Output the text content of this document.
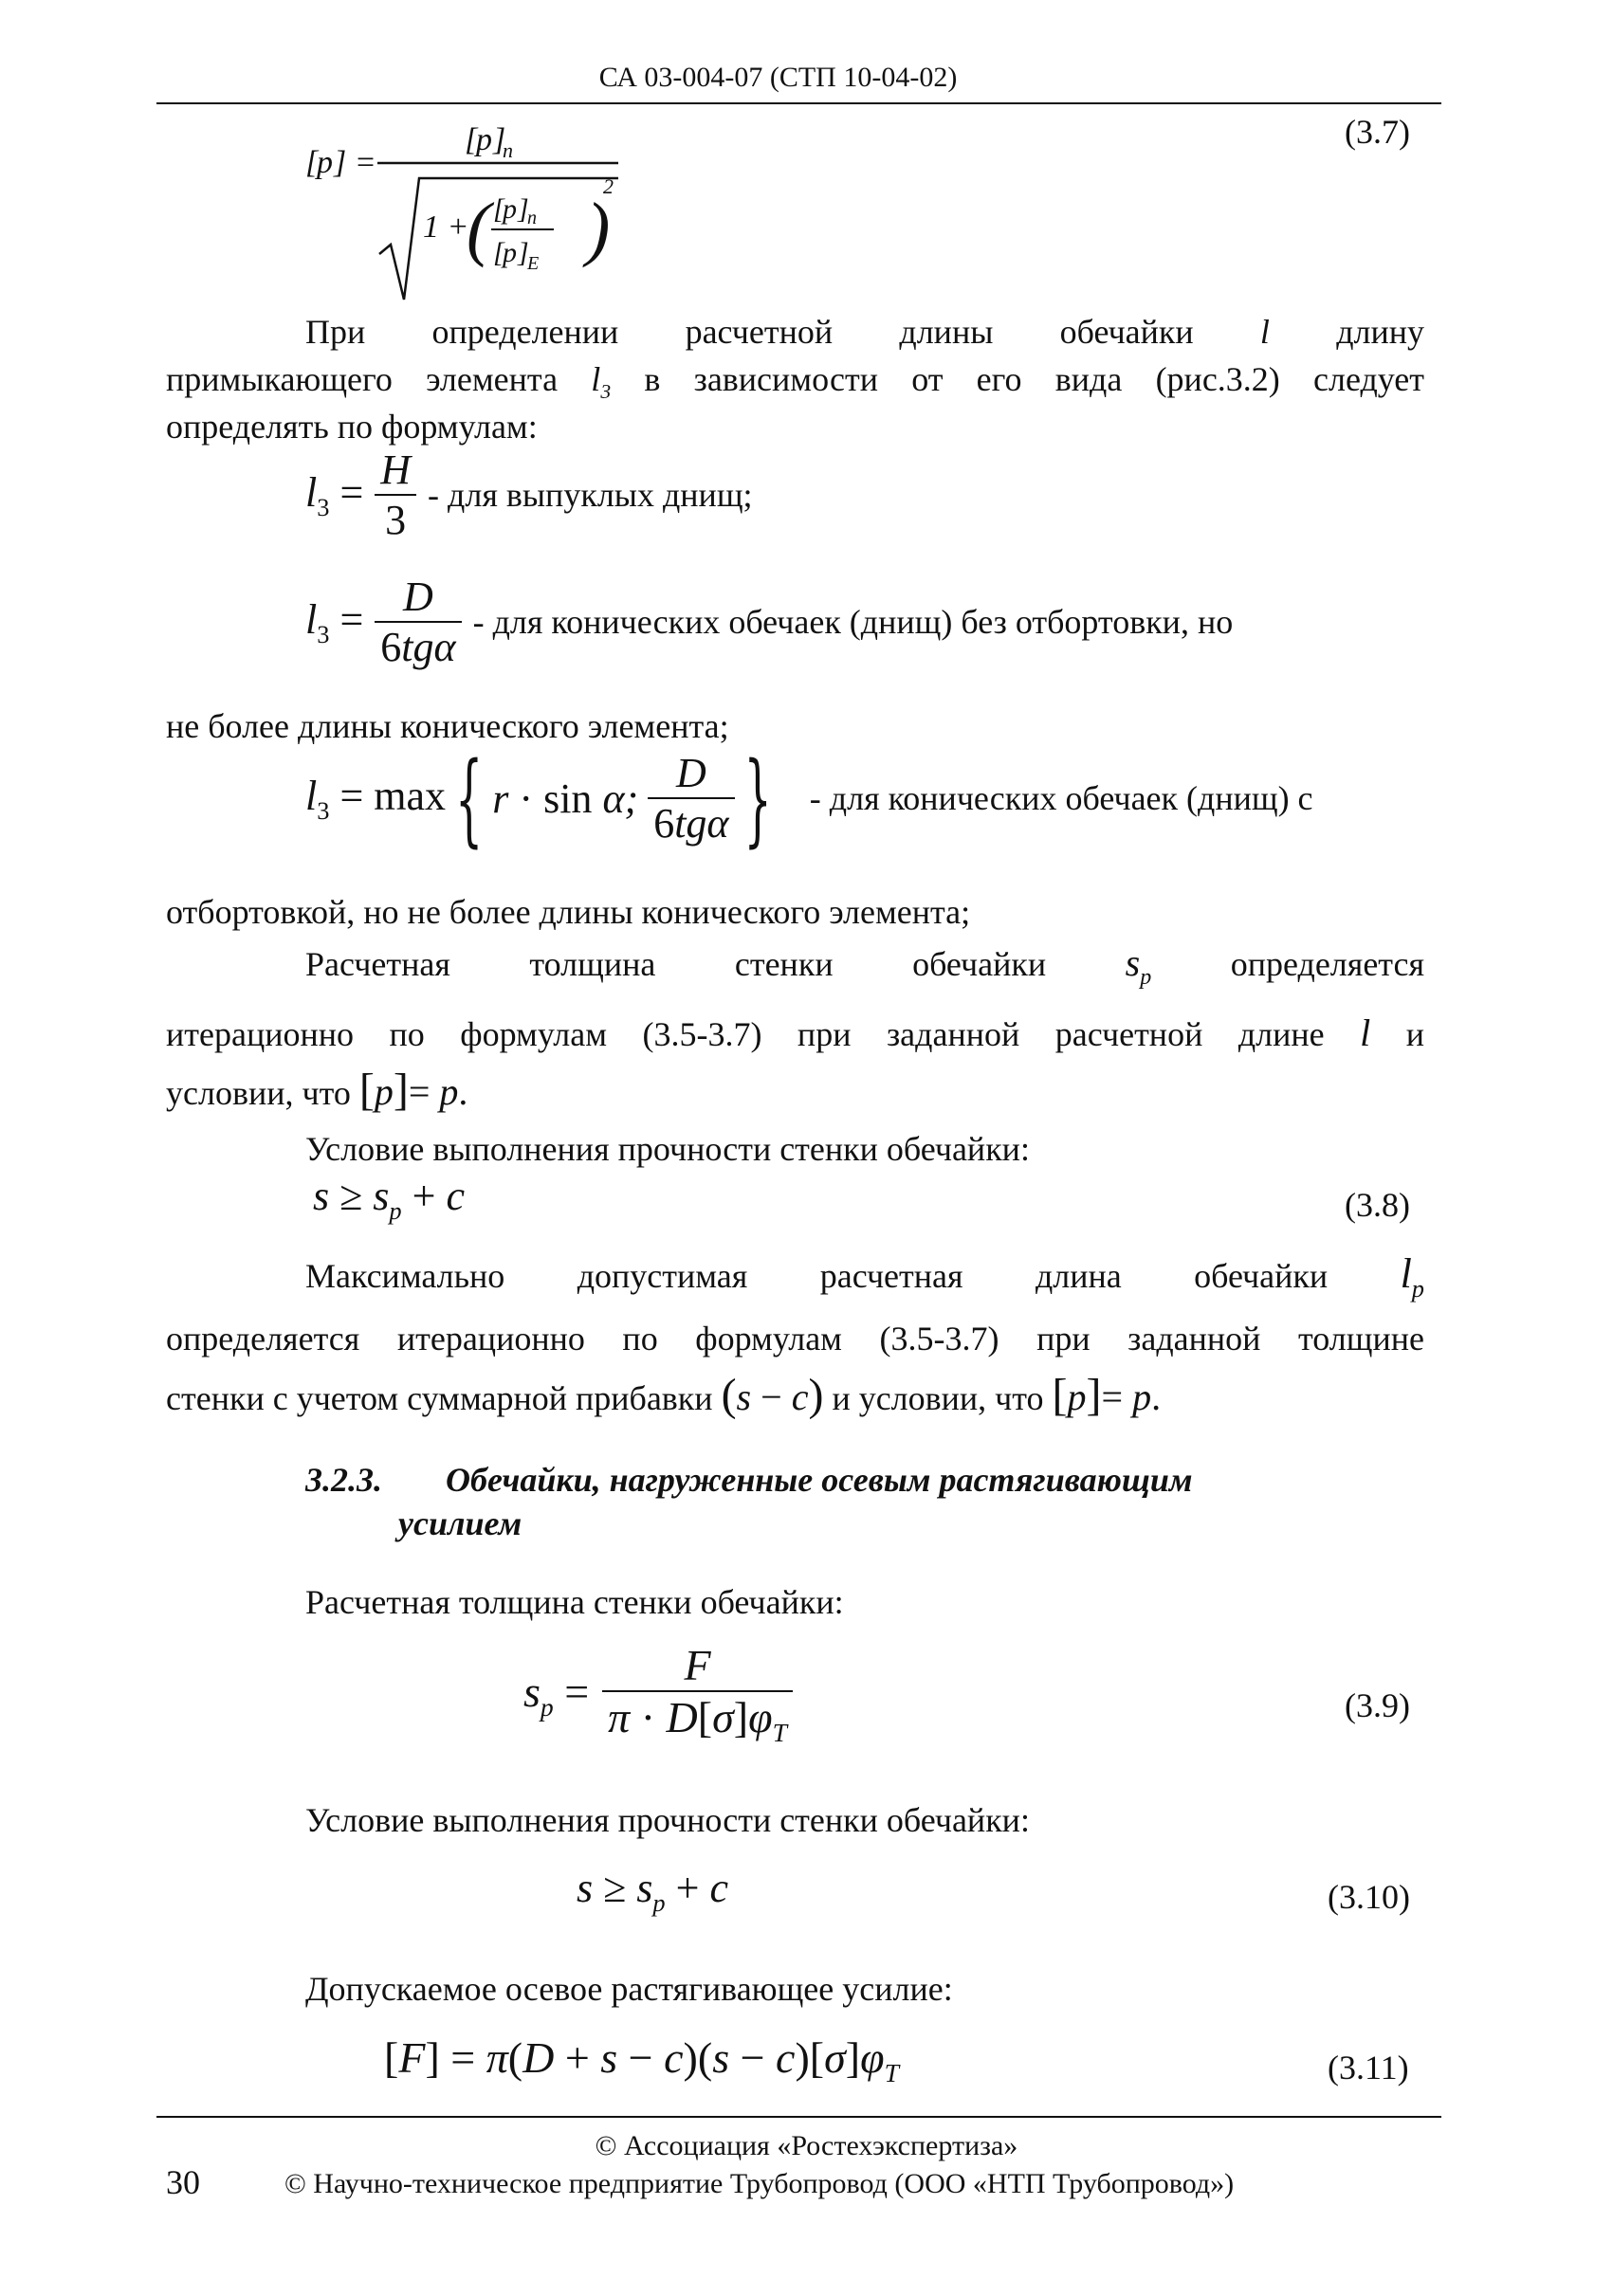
СА 03-004-07 (СТП 10-04-02)
[
p ] =
[
p ]
п
1 +
( )
2
[
p ]
п
[
p ]
E
(3.7)
При определении расчетной длины обечайки l длину
примыкающего элемента $l_3$ в зависимости от его вида (рис.3.2) следует
определять по формулам:
$l_3 = \frac{H}{3}$ - для выпуклых днищ;
$l_3 = \frac{D}{\text{6tgα}}$ - для конических обечаек (днищ) без отбортовки, но
не более длины конического элемента;
$l_3 = \max$ { r · sin α; $\frac{D}{\text{6tgα}}$ } - для конических обечаек (днищ) с
отбортовкой, но не более длины конического элемента;
Расчетная толщина стенки обечайки $s_p$ определяется
итерационно по формулам (3.5-3.7) при заданной расчетной длине l и
условии, что [p]= p.
Условие выполнения прочности стенки обечайки:
$s \ge s_p + c$	(3.8)
Максимально допустимая расчетная длина обечайки $l_p$
определяется итерационно по формулам (3.5-3.7) при заданной толщине
стенки с учетом суммарной прибавки (s − c) и условии, что [p]= p.
3.2.3. Обечайки, нагруженные осевым растягивающим
усилием
Расчетная толщина стенки обечайки:
$s_p = \frac{F}{\pi \cdot D[\sigma]\varphi_T}$	(3.9)
Условие выполнения прочности стенки обечайки:
$s \ge s_p + c$	(3.10)
Допускаемое осевое растягивающее усилие:
$[F] = \pi(D + s - c)(s - c)[\sigma]\varphi_T$	(3.11)
© Ассоциация «Ростехэкспертиза»
30	© Научно-техническое предприятие Трубопровод (ООО «НТП Трубопровод»)
